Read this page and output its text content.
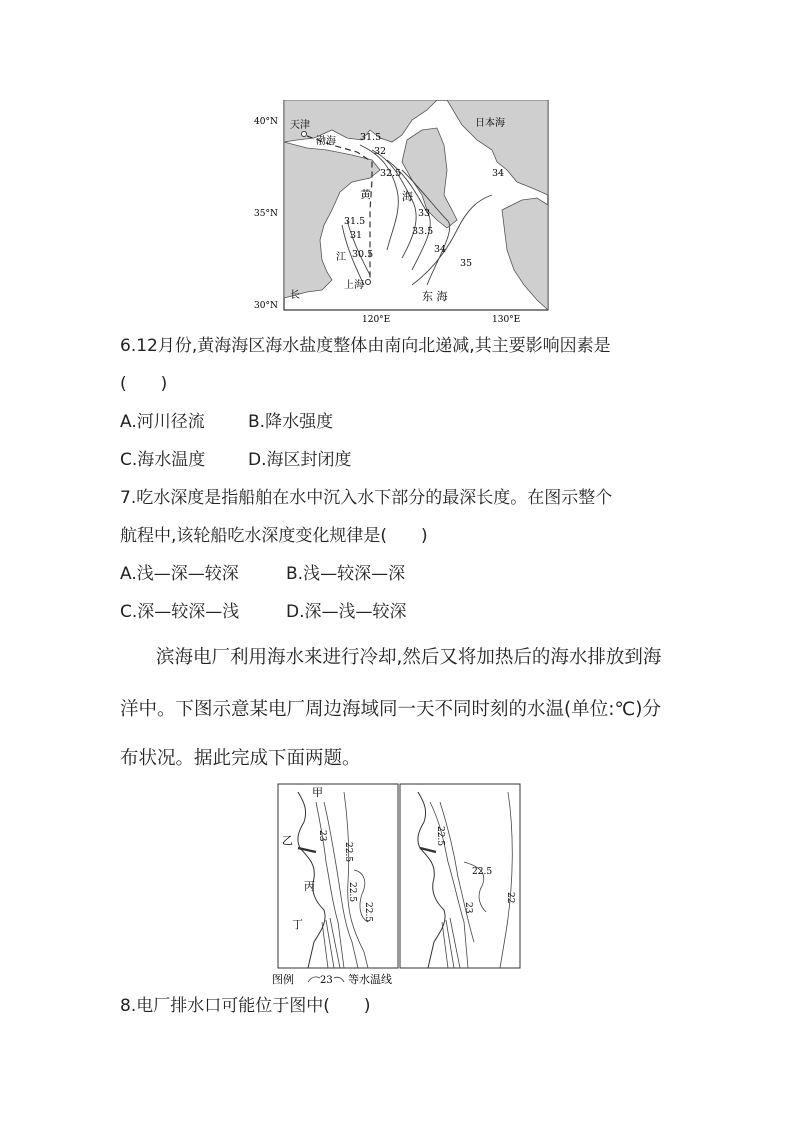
40°N
35°N
30°N
120°E	130°E
天津
渤海
日本海
黄	海
东 海
上海
江
长
31.5
32
32.5
33
33.5
34
34
35
31.5
31
30.5
6.12月份,黄海海区海水盐度整体由南向北递减,其主要影响因素是
(　　)
A.河川径流	B.降水强度
C.海水温度	D.海区封闭度
7.吃水深度是指船舶在水中沉入水下部分的最深长度。在图示整个
航程中,该轮船吃水深度变化规律是(　　)
A.浅—深—较深	B.浅—较深—深
C.深—较深—浅	D.深—浅—较深
滨海电厂利用海水来进行冷却,然后又将加热后的海水排放到海
洋中。下图示意某电厂周边海域同一天不同时刻的水温(单位:℃)分
布状况。据此完成下面两题。
甲
乙
丙
丁
22.5
23
22.5
22.5
22.5
22.5
23
22
图例	23 等水温线
8.电厂排水口可能位于图中(　　)
